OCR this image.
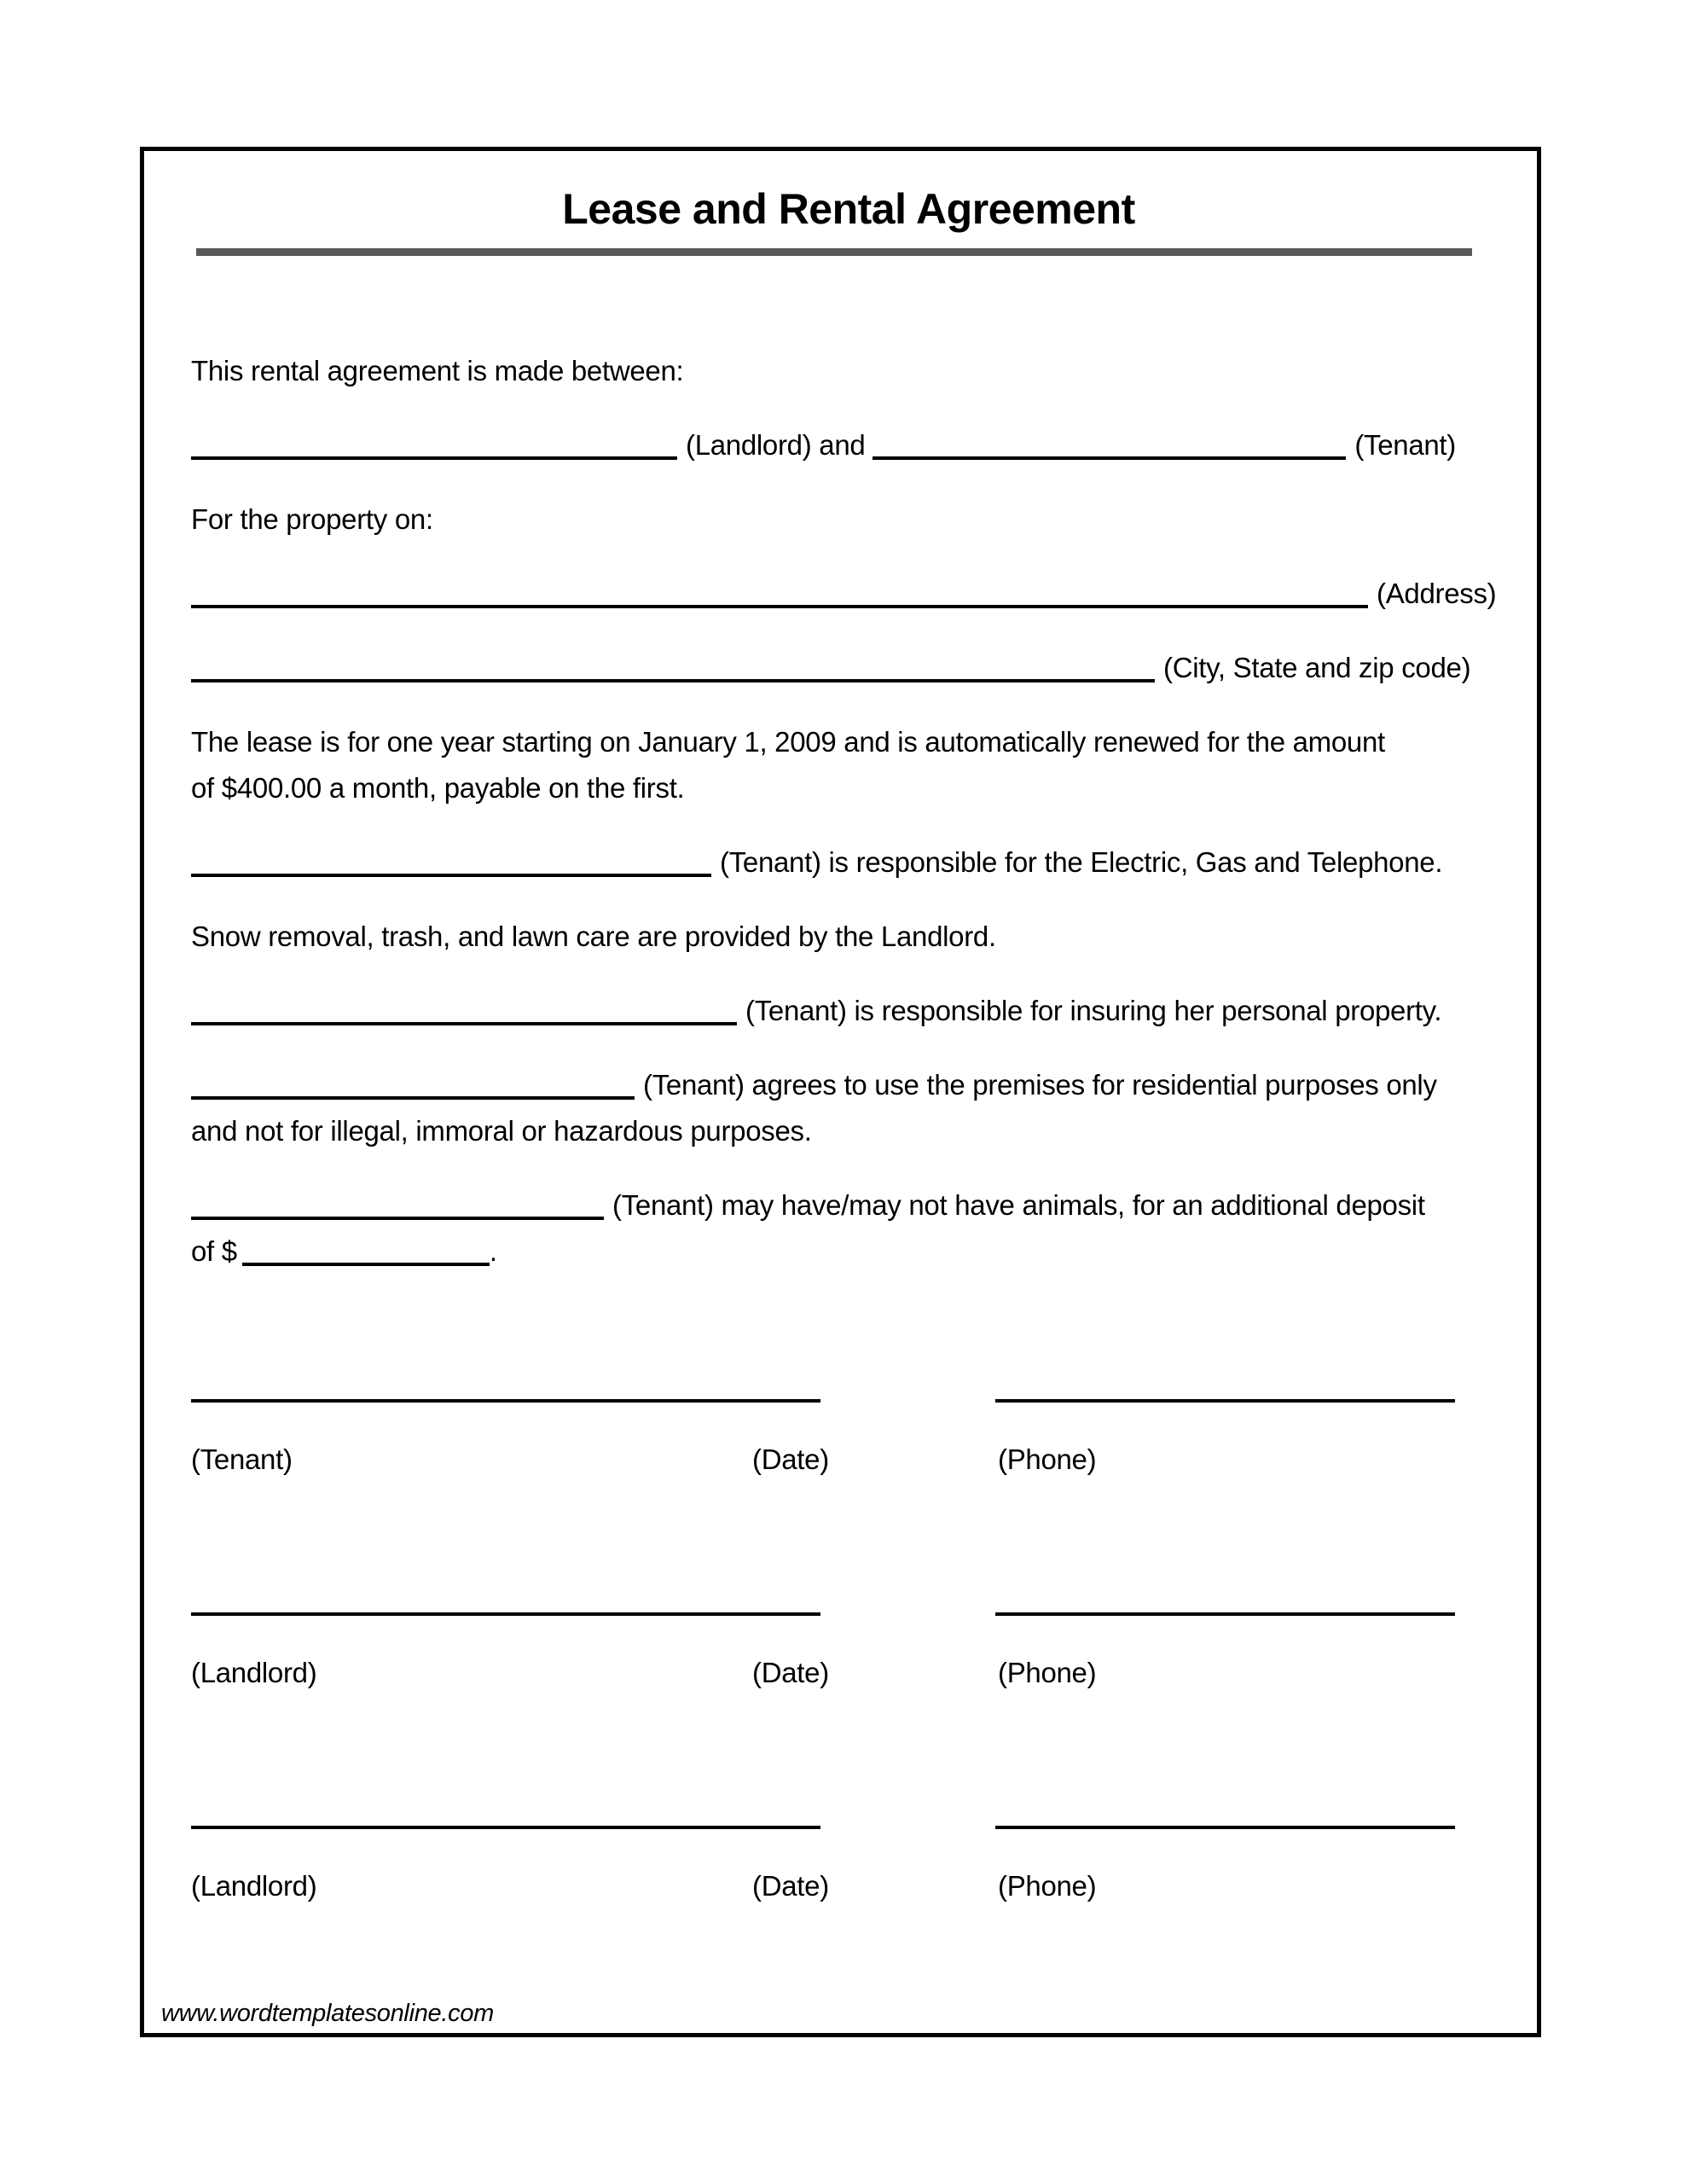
Lease and Rental Agreement
This rental agreement is made between:
(Landlord) and	(Tenant)
For the property on:
(Address)
(City, State and zip code)
The lease is for one year starting on January 1, 2009 and is automatically renewed for the amount
of $400.00 a month, payable on the first.
(Tenant) is responsible for the Electric, Gas and Telephone.
Snow removal, trash, and lawn care are provided by the Landlord.
(Tenant) is responsible for insuring her personal property.
(Tenant) agrees to use the premises for residential purposes only
and not for illegal, immoral or hazardous purposes.
(Tenant) may have/may not have animals, for an additional deposit
of $	.
(Tenant)	(Date)	(Phone)
(Landlord)	(Date)	(Phone)
(Landlord)	(Date)	(Phone)
www.wordtemplatesonline.com
